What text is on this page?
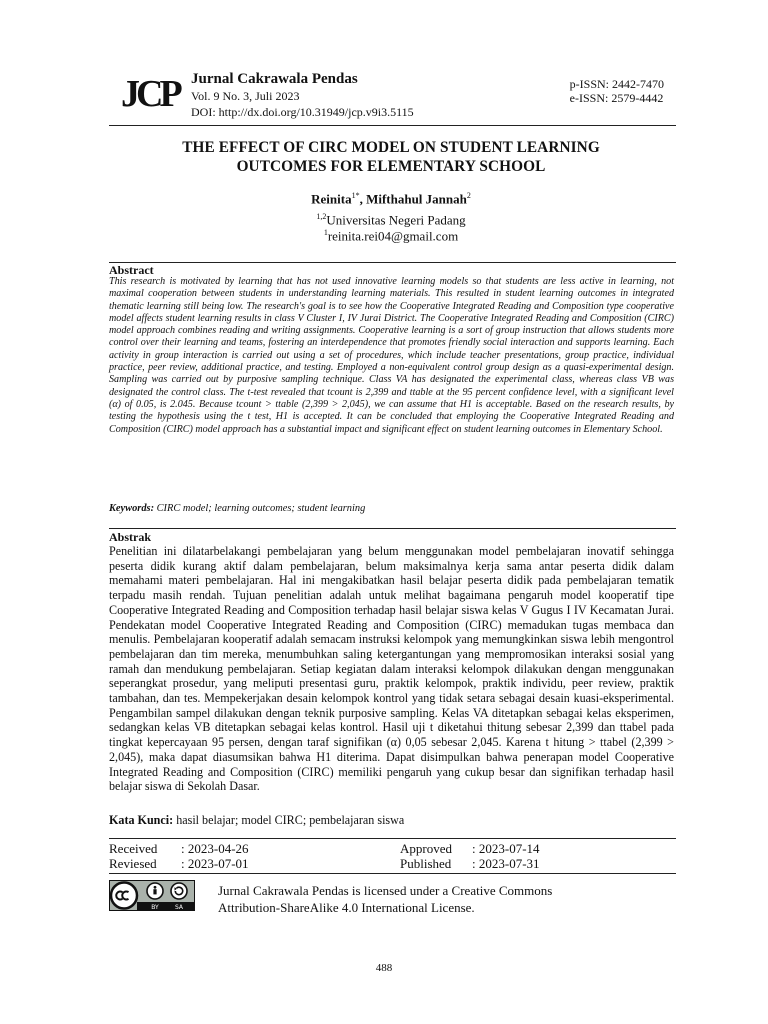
JCP Jurnal Cakrawala Pendas
Vol. 9 No. 3, Juli 2023
DOI: http://dx.doi.org/10.31949/jcp.v9i3.5115
p-ISSN: 2442-7470
e-ISSN: 2579-4442
THE EFFECT OF CIRC MODEL ON STUDENT LEARNING
OUTCOMES FOR ELEMENTARY SCHOOL
Reinita$^{1*}$, Mifthahul Jannah$^2$
$^{1,2}$Universitas Negeri Padang
$^1$reinita.rei04@gmail.com
Abstract
This research is motivated by learning that has not used innovative learning models so that students are less active in learning, not maximal cooperation between students in understanding learning materials. This resulted in student learning outcomes in integrated thematic learning still being low. The research's goal is to see how the Cooperative Integrated Reading and Composition type cooperative model affects student learning results in class V Cluster I, IV Jurai District. The Cooperative Integrated Reading and Composition (CIRC) model approach combines reading and writing assignments. Cooperative learning is a sort of group instruction that allows students more control over their learning and teams, fostering an interdependence that promotes friendly social interaction and supports learning. Each activity in group interaction is carried out using a set of procedures, which include teacher presentations, group practice, individual practice, peer review, additional practice, and testing. Employed a non-equivalent control group design as a quasi-experimental design. Sampling was carried out by purposive sampling technique. Class VA has designated the experimental class, whereas class VB was designated the control class. The t-test revealed that tcount is 2,399 and ttable at the 95 percent confidence level, with a significant level (α) of 0.05, is 2.045. Because tcount > ttable (2,399 > 2,045), we can assume that H1 is acceptable. Based on the research results, by testing the hypothesis using the t test, H1 is accepted. It can be concluded that employing the Cooperative Integrated Reading and Composition (CIRC) model approach has a substantial impact and significant effect on student learning outcomes in Elementary School.
Keywords: CIRC model; learning outcomes; student learning
Abstrak
Penelitian ini dilatarbelakangi pembelajaran yang belum menggunakan model pembelajaran inovatif sehingga peserta didik kurang aktif dalam pembelajaran, belum maksimalnya kerja sama antar peserta didik dalam memahami materi pembelajaran. Hal ini mengakibatkan hasil belajar peserta didik pada pembelajaran tematik terpadu masih rendah. Tujuan penelitian adalah untuk melihat bagaimana pengaruh model kooperatif tipe Cooperative Integrated Reading and Composition terhadap hasil belajar siswa kelas V Gugus I IV Kecamatan Jurai. Pendekatan model Cooperative Integrated Reading and Composition (CIRC) memadukan tugas membaca dan menulis. Pembelajaran kooperatif adalah semacam instruksi kelompok yang memungkinkan siswa lebih mengontrol pembelajaran dan tim mereka, menumbuhkan saling ketergantungan yang mempromosikan interaksi sosial yang ramah dan mendukung pembelajaran. Setiap kegiatan dalam interaksi kelompok dilakukan dengan menggunakan seperangkat prosedur, yang meliputi presentasi guru, praktik kelompok, praktik individu, peer review, praktik tambahan, dan tes. Mempekerjakan desain kelompok kontrol yang tidak setara sebagai desain kuasi-eksperimental. Pengambilan sampel dilakukan dengan teknik purposive sampling. Kelas VA ditetapkan sebagai kelas eksperimen, sedangkan kelas VB ditetapkan sebagai kelas kontrol. Hasil uji t diketahui thitung sebesar 2,399 dan ttabel pada tingkat kepercayaan 95 persen, dengan taraf signifikan (α) 0,05 sebesar 2,045. Karena t hitung > ttabel (2,399 > 2,045), maka dapat diasumsikan bahwa H1 diterima. Dapat disimpulkan bahwa penerapan model Cooperative Integrated Reading and Composition (CIRC) memiliki pengaruh yang cukup besar dan signifikan terhadap hasil belajar siswa di Sekolah Dasar.
Kata Kunci: hasil belajar; model CIRC; pembelajaran siswa
Received : 2023-04-26
Reviesed : 2023-07-01
Approved : 2023-07-14
Published : 2023-07-31
BY	SA
Jurnal Cakrawala Pendas is licensed under a Creative Commons
Attribution-ShareAlike 4.0 International License.
488
